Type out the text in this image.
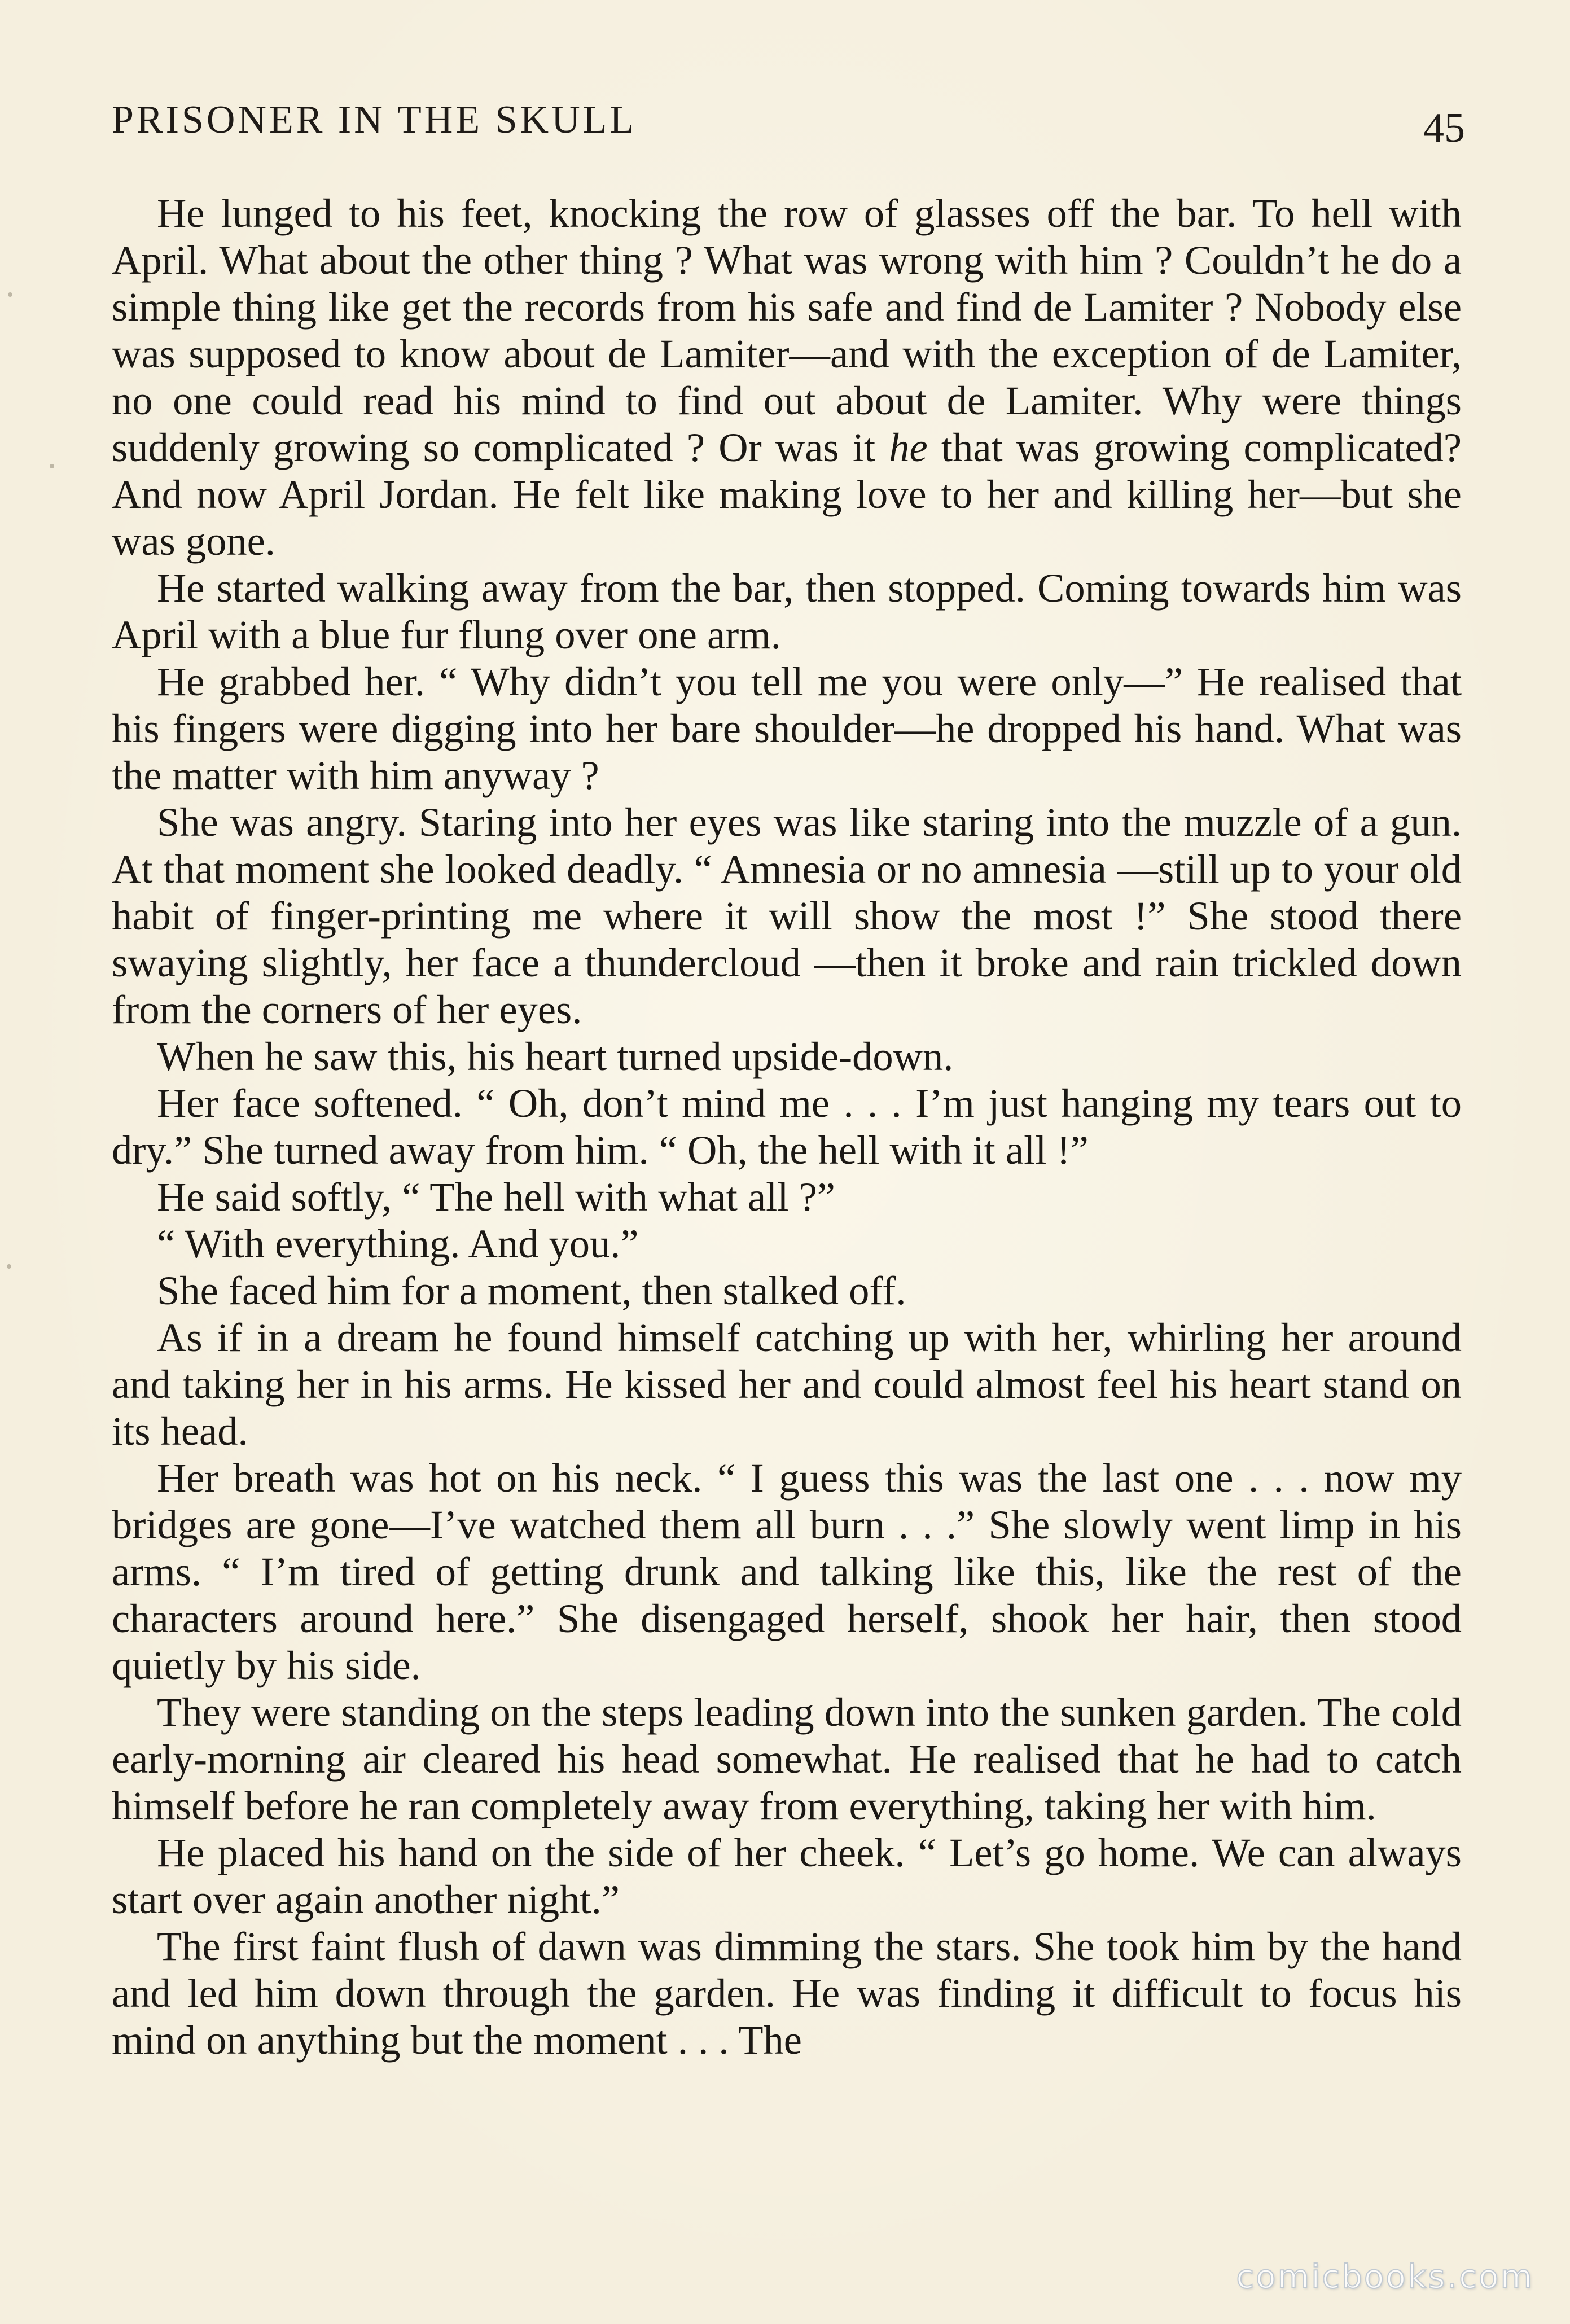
PRISONER IN THE SKULL	45

He lunged to his feet, knocking the row of glasses off the bar. To hell with April. What about the other thing ? What was wrong with him ? Couldn’t he do a simple thing like get the records from his safe and find de Lamiter ? Nobody else was supposed to know about de Lamiter—and with the exception of de Lamiter, no one could read his mind to find out about de Lamiter. Why were things suddenly growing so complicated ? Or was it he that was growing complicated? And now April Jordan. He felt like making love to her and killing her—but she was gone.

He started walking away from the bar, then stopped. Coming towards him was April with a blue fur flung over one arm.

He grabbed her. “ Why didn’t you tell me you were only—” He realised that his fingers were digging into her bare shoulder—he dropped his hand. What was the matter with him anyway ?

She was angry. Staring into her eyes was like staring into the muzzle of a gun. At that moment she looked deadly. “ Amnesia or no amnesia —still up to your old habit of finger-printing me where it will show the most !” She stood there swaying slightly, her face a thundercloud —then it broke and rain trickled down from the corners of her eyes.

When he saw this, his heart turned upside-down.

Her face softened. “ Oh, don’t mind me . . . I’m just hanging my tears out to dry.” She turned away from him. “ Oh, the hell with it all !”

He said softly, “ The hell with what all ?”

“ With everything. And you.”

She faced him for a moment, then stalked off.

As if in a dream he found himself catching up with her, whirling her around and taking her in his arms. He kissed her and could almost feel his heart stand on its head.

Her breath was hot on his neck. “ I guess this was the last one . . . now my bridges are gone—I’ve watched them all burn . . .” She slowly went limp in his arms. “ I’m tired of getting drunk and talking like this, like the rest of the characters around here.” She disengaged herself, shook her hair, then stood quietly by his side.

They were standing on the steps leading down into the sunken garden. The cold early-morning air cleared his head somewhat. He realised that he had to catch himself before he ran completely away from everything, taking her with him.

He placed his hand on the side of her cheek. “ Let’s go home. We can always start over again another night.”

The first faint flush of dawn was dimming the stars. She took him by the hand and led him down through the garden. He was finding it difficult to focus his mind on anything but the moment . . . The

comicbooks.com
